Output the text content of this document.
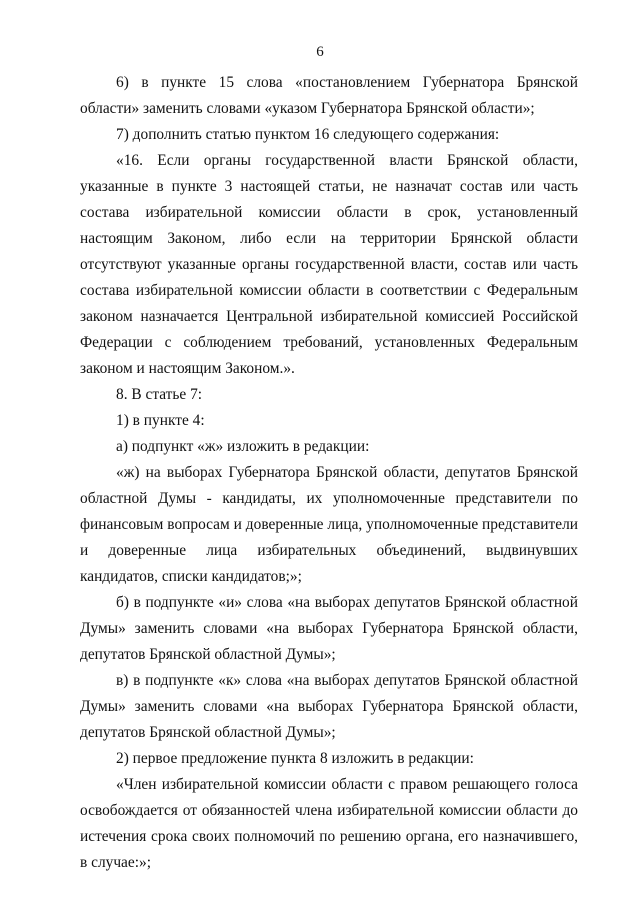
6

6) в пункте 15 слова «постановлением Губернатора Брянской области» заменить словами «указом Губернатора Брянской области»;

7) дополнить статью пунктом 16 следующего содержания:

«16. Если органы государственной власти Брянской области, указанные в пункте 3 настоящей статьи, не назначат состав или часть состава избирательной комиссии области в срок, установленный настоящим Законом, либо если на территории Брянской области отсутствуют указанные органы государственной власти, состав или часть состава избирательной комиссии области в соответствии с Федеральным законом назначается Центральной избирательной комиссией Российской Федерации с соблюдением требований, установленных Федеральным законом и настоящим Законом.».

8. В статье 7:

1) в пункте 4:

а) подпункт «ж» изложить в редакции:

«ж) на выборах Губернатора Брянской области, депутатов Брянской областной Думы - кандидаты, их уполномоченные представители по финансовым вопросам и доверенные лица, уполномоченные представители и доверенные лица избирательных объединений, выдвинувших кандидатов, списки кандидатов;»;

б) в подпункте «и» слова «на выборах депутатов Брянской областной Думы» заменить словами «на выборах Губернатора Брянской области, депутатов Брянской областной Думы»;

в) в подпункте «к» слова «на выборах депутатов Брянской областной Думы» заменить словами «на выборах Губернатора Брянской области, депутатов Брянской областной Думы»;

2) первое предложение пункта 8 изложить в редакции:

«Член избирательной комиссии области с правом решающего голоса освобождается от обязанностей члена избирательной комиссии области до истечения срока своих полномочий по решению органа, его назначившего, в случае:»;
